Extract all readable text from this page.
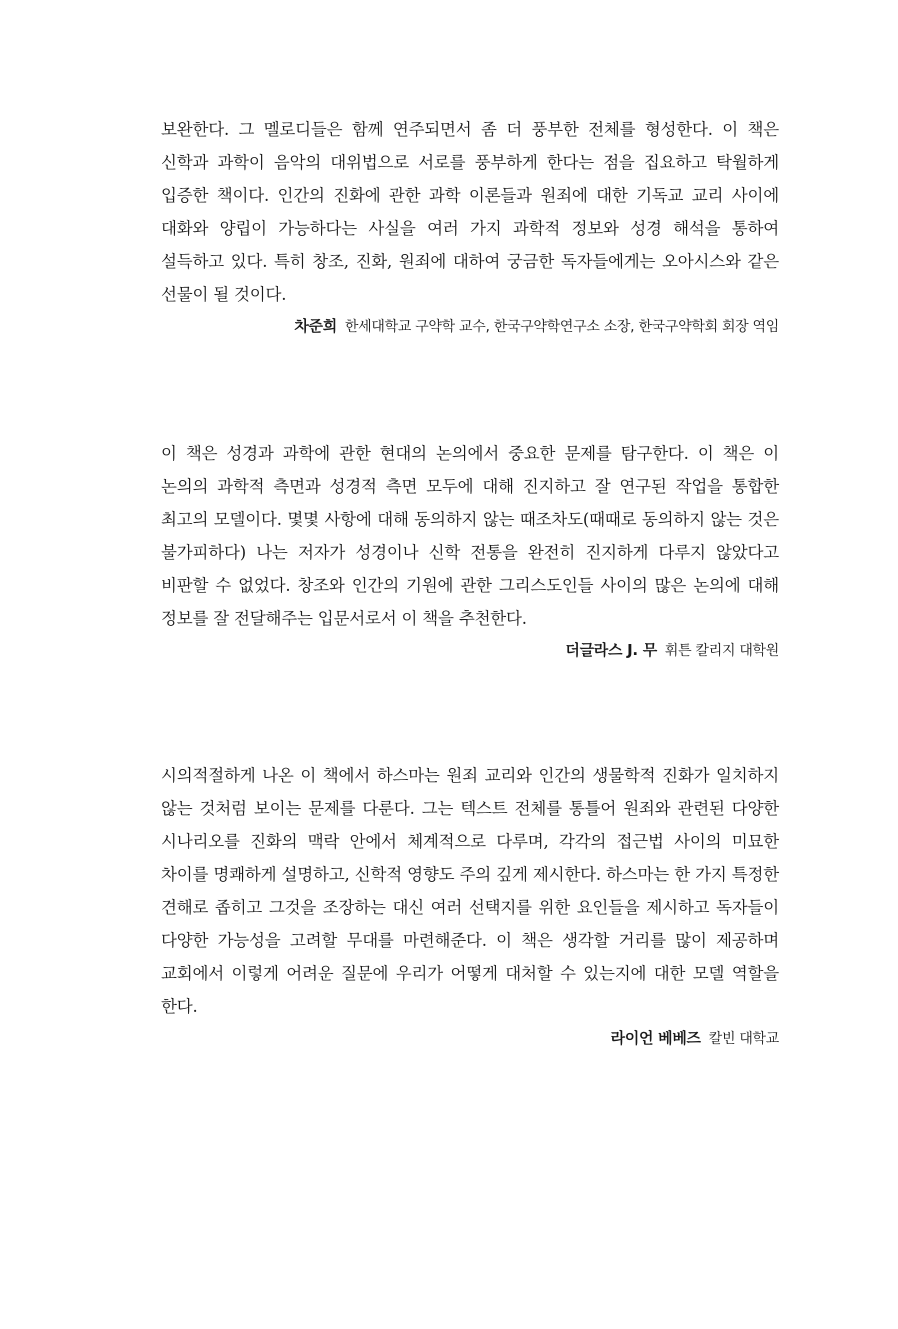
보완한다. 그 멜로디들은 함께 연주되면서 좀 더 풍부한 전체를 형성한다. 이 책은 신학과 과학이 음악의 대위법으로 서로를 풍부하게 한다는 점을 집요하고 탁월하게 입증한 책이다. 인간의 진화에 관한 과학 이론들과 원죄에 대한 기독교 교리 사이에 대화와 양립이 가능하다는 사실을 여러 가지 과학적 정보와 성경 해석을 통하여 설득하고 있다. 특히 창조, 진화, 원죄에 대하여 궁금한 독자들에게는 오아시스와 같은 선물이 될 것이다.

차준희 한세대학교 구약학 교수, 한국구약학연구소 소장, 한국구약학회 회장 역임

이 책은 성경과 과학에 관한 현대의 논의에서 중요한 문제를 탐구한다. 이 책은 이 논의의 과학적 측면과 성경적 측면 모두에 대해 진지하고 잘 연구된 작업을 통합한 최고의 모델이다. 몇몇 사항에 대해 동의하지 않는 때조차도(때때로 동의하지 않는 것은 불가피하다) 나는 저자가 성경이나 신학 전통을 완전히 진지하게 다루지 않았다고 비판할 수 없었다. 창조와 인간의 기원에 관한 그리스도인들 사이의 많은 논의에 대해 정보를 잘 전달해주는 입문서로서 이 책을 추천한다.

더글라스 J. 무 휘튼 칼리지 대학원

시의적절하게 나온 이 책에서 하스마는 원죄 교리와 인간의 생물학적 진화가 일치하지 않는 것처럼 보이는 문제를 다룬다. 그는 텍스트 전체를 통틀어 원죄와 관련된 다양한 시나리오를 진화의 맥락 안에서 체계적으로 다루며, 각각의 접근법 사이의 미묘한 차이를 명쾌하게 설명하고, 신학적 영향도 주의 깊게 제시한다. 하스마는 한 가지 특정한 견해로 좁히고 그것을 조장하는 대신 여러 선택지를 위한 요인들을 제시하고 독자들이 다양한 가능성을 고려할 무대를 마련해준다. 이 책은 생각할 거리를 많이 제공하며 교회에서 이렇게 어려운 질문에 우리가 어떻게 대처할 수 있는지에 대한 모델 역할을 한다.

라이언 베베즈 칼빈 대학교
